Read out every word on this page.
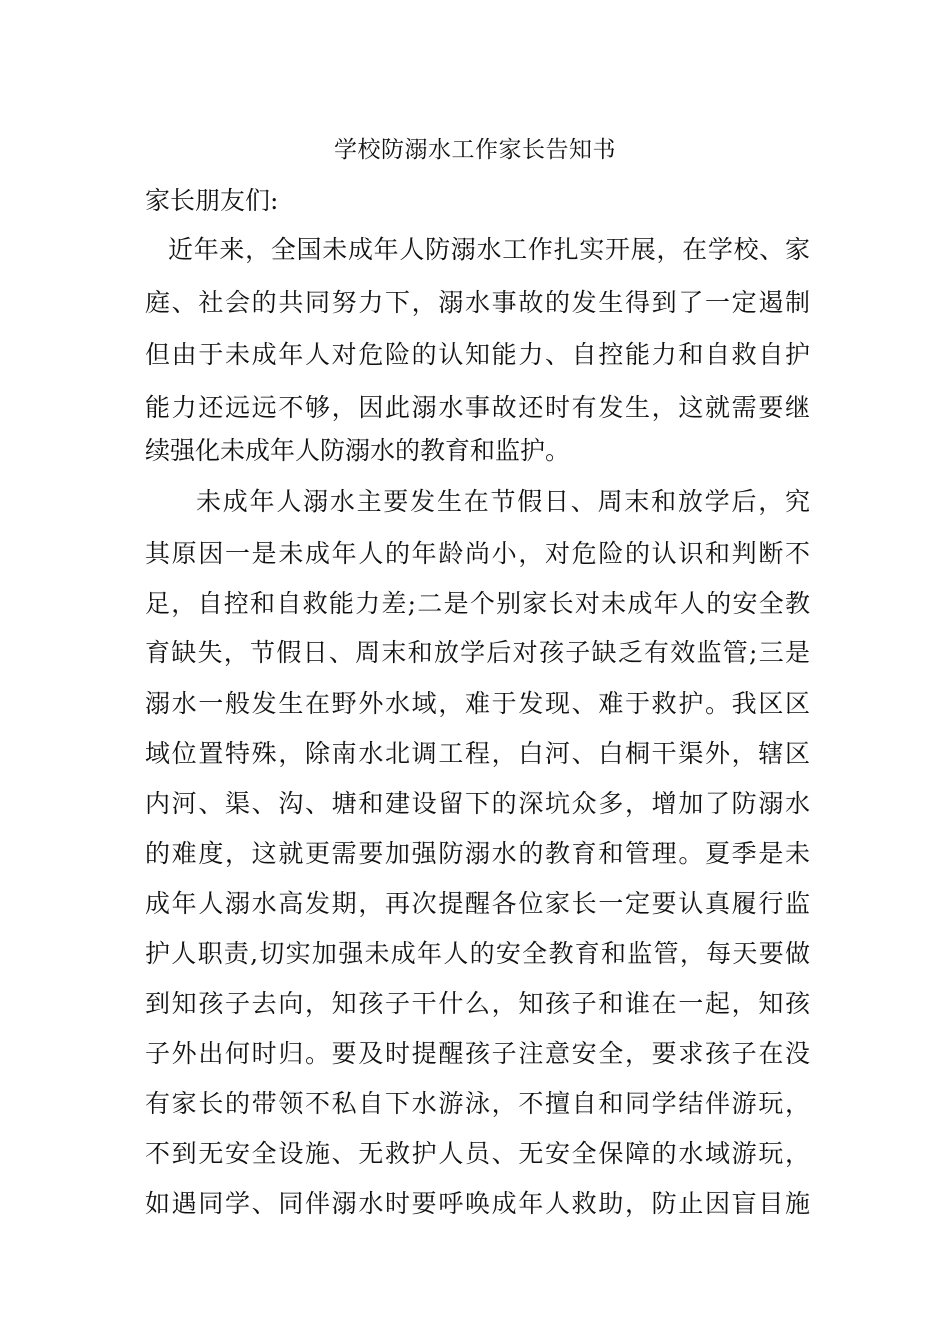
学校防溺水工作家长告知书
家长朋友们:
近年来，全国未成年人防溺水工作扎实开展，在学校、家
庭、社会的共同努力下，溺水事故的发生得到了一定遏制
但由于未成年人对危险的认知能力、自控能力和自救自护
能力还远远不够，因此溺水事故还时有发生，这就需要继
续强化未成年人防溺水的教育和监护。
未成年人溺水主要发生在节假日、周末和放学后，究
其原因一是未成年人的年龄尚小，对危险的认识和判断不
足，自控和自救能力差;二是个别家长对未成年人的安全教
育缺失，节假日、周末和放学后对孩子缺乏有效监管;三是
溺水一般发生在野外水域，难于发现、难于救护。我区区
域位置特殊，除南水北调工程，白河、白桐干渠外，辖区
内河、渠、沟、塘和建设留下的深坑众多，增加了防溺水
的难度，这就更需要加强防溺水的教育和管理。夏季是未
成年人溺水高发期，再次提醒各位家长一定要认真履行监
护人职责,切实加强未成年人的安全教育和监管，每天要做
到知孩子去向，知孩子干什么，知孩子和谁在一起，知孩
子外出何时归。要及时提醒孩子注意安全，要求孩子在没
有家长的带领不私自下水游泳，不擅自和同学结伴游玩，
不到无安全设施、无救护人员、无安全保障的水域游玩，
如遇同学、同伴溺水时要呼唤成年人救助，防止因盲目施
